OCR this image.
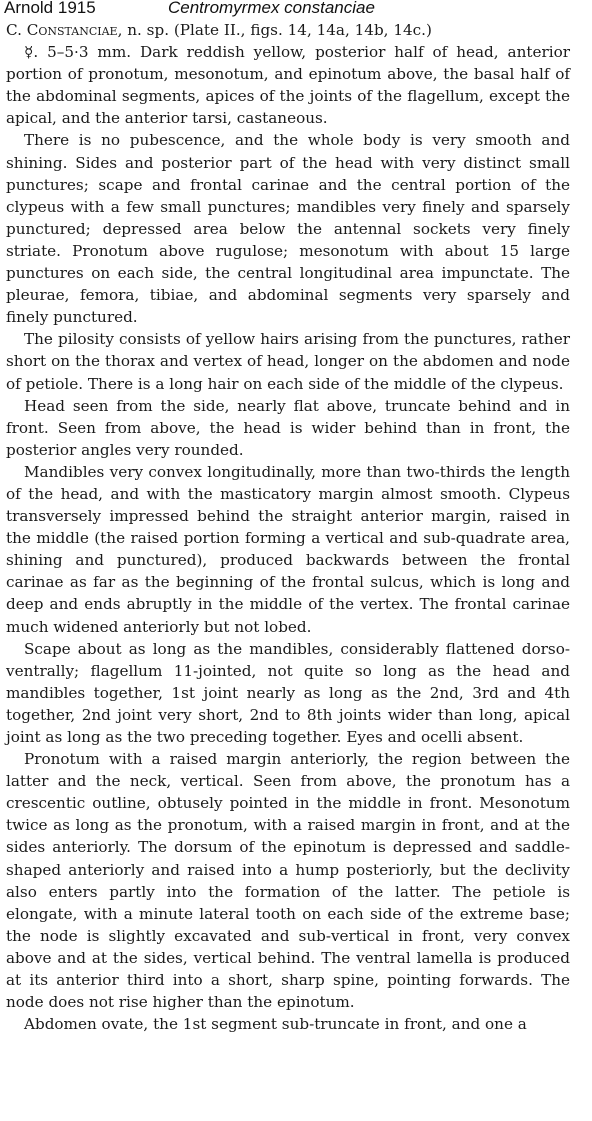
Arnold 1915	Centromyrmex constanciae

C. Constanciae, n. sp. (Plate II., figs. 14, 14a, 14b, 14c.)

☿. 5–5·3 mm. Dark reddish yellow, posterior half of head, anterior portion of pronotum, mesonotum, and epinotum above, the basal half of the abdominal segments, apices of the joints of the flagellum, except the apical, and the anterior tarsi, castaneous.

There is no pubescence, and the whole body is very smooth and shining. Sides and posterior part of the head with very distinct small punctures; scape and frontal carinae and the central portion of the clypeus with a few small punctures; mandibles very finely and sparsely punctured; depressed area below the antennal sockets very finely striate. Pronotum above rugulose; mesonotum with about 15 large punctures on each side, the central longitudinal area impunctate. The pleurae, femora, tibiae, and abdominal segments very sparsely and finely punctured.

The pilosity consists of yellow hairs arising from the punctures, rather short on the thorax and vertex of head, longer on the abdomen and node of petiole. There is a long hair on each side of the middle of the clypeus.

Head seen from the side, nearly flat above, truncate behind and in front. Seen from above, the head is wider behind than in front, the posterior angles very rounded.

Mandibles very convex longitudinally, more than two-thirds the length of the head, and with the masticatory margin almost smooth. Clypeus transversely impressed behind the straight anterior margin, raised in the middle (the raised portion forming a vertical and sub-quadrate area, shining and punctured), produced backwards between the frontal carinae as far as the beginning of the frontal sulcus, which is long and deep and ends abruptly in the middle of the vertex. The frontal carinae much widened anteriorly but not lobed.

Scape about as long as the mandibles, considerably flattened dorso-ventrally; flagellum 11-jointed, not quite so long as the head and mandibles together, 1st joint nearly as long as the 2nd, 3rd and 4th together, 2nd joint very short, 2nd to 8th joints wider than long, apical joint as long as the two preceding together. Eyes and ocelli absent.

Pronotum with a raised margin anteriorly, the region between the latter and the neck, vertical. Seen from above, the pronotum has a crescentic outline, obtusely pointed in the middle in front. Mesonotum twice as long as the pronotum, with a raised margin in front, and at the sides anteriorly. The dorsum of the epinotum is depressed and saddle-shaped anteriorly and raised into a hump posteriorly, but the declivity also enters partly into the formation of the latter. The petiole is elongate, with a minute lateral tooth on each side of the extreme base; the node is slightly excavated and sub-vertical in front, very convex above and at the sides, vertical behind. The ventral lamella is produced at its anterior third into a short, sharp spine, pointing forwards. The node does not rise higher than the epinotum.

Abdomen ovate, the 1st segment sub-truncate in front, and one a
